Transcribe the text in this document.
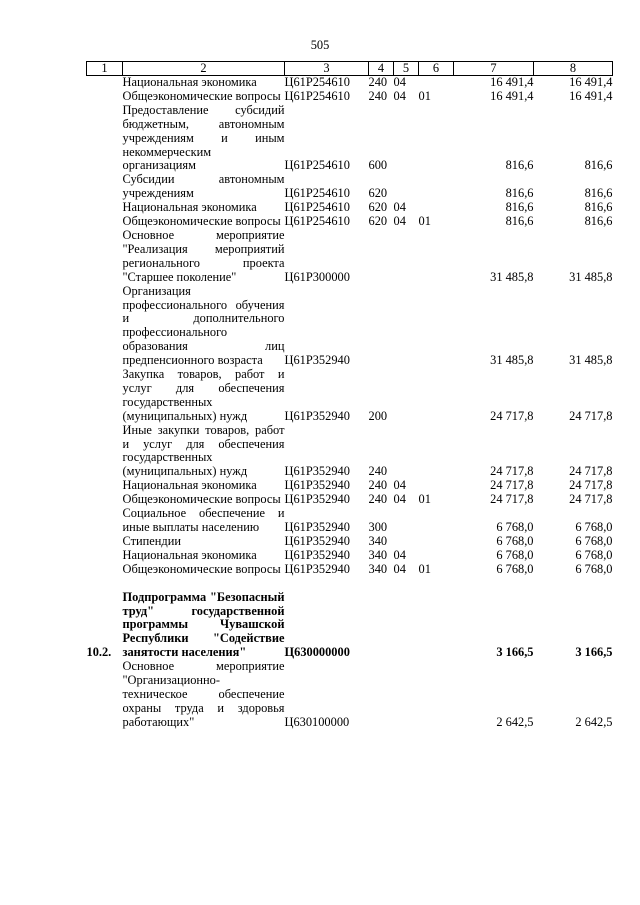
505
1	2	3	4	5	6	7	8
	Национальная экономика	Ц61P254610	240	04		16 491,4	16 491,4
	Общеэкономические вопросы	Ц61P254610	240	04	01	16 491,4	16 491,4
	Предоставление субсидий бюджетным, автономным учреждениям и иным некоммерческим организациям	Ц61P254610	600			816,6	816,6
	Субсидии автономным учреждениям	Ц61P254610	620			816,6	816,6
	Национальная экономика	Ц61P254610	620	04		816,6	816,6
	Общеэкономические вопросы	Ц61P254610	620	04	01	816,6	816,6
	Основное мероприятие "Реализация мероприятий регионального проекта "Старшее поколение"	Ц61P300000				31 485,8	31 485,8
	Организация профессионального обучения и дополнительного профессионального образования лиц предпенсионного возраста	Ц61P352940				31 485,8	31 485,8
	Закупка товаров, работ и услуг для обеспечения государственных (муниципальных) нужд	Ц61P352940	200			24 717,8	24 717,8
	Иные закупки товаров, работ и услуг для обеспечения государственных (муниципальных) нужд	Ц61P352940	240			24 717,8	24 717,8
	Национальная экономика	Ц61P352940	240	04		24 717,8	24 717,8
	Общеэкономические вопросы	Ц61P352940	240	04	01	24 717,8	24 717,8
	Социальное обеспечение и иные выплаты населению	Ц61P352940	300			6 768,0	6 768,0
	Стипендии	Ц61P352940	340			6 768,0	6 768,0
	Национальная экономика	Ц61P352940	340	04		6 768,0	6 768,0
	Общеэкономические вопросы	Ц61P352940	340	04	01	6 768,0	6 768,0

10.2.	Подпрограмма "Безопасный труд" государственной программы Чувашской Республики "Содействие занятости населения"	Ц630000000				3 166,5	3 166,5
	Основное мероприятие "Организационно-техническое обеспечение охраны труда и здоровья работающих"	Ц630100000				2 642,5	2 642,5
